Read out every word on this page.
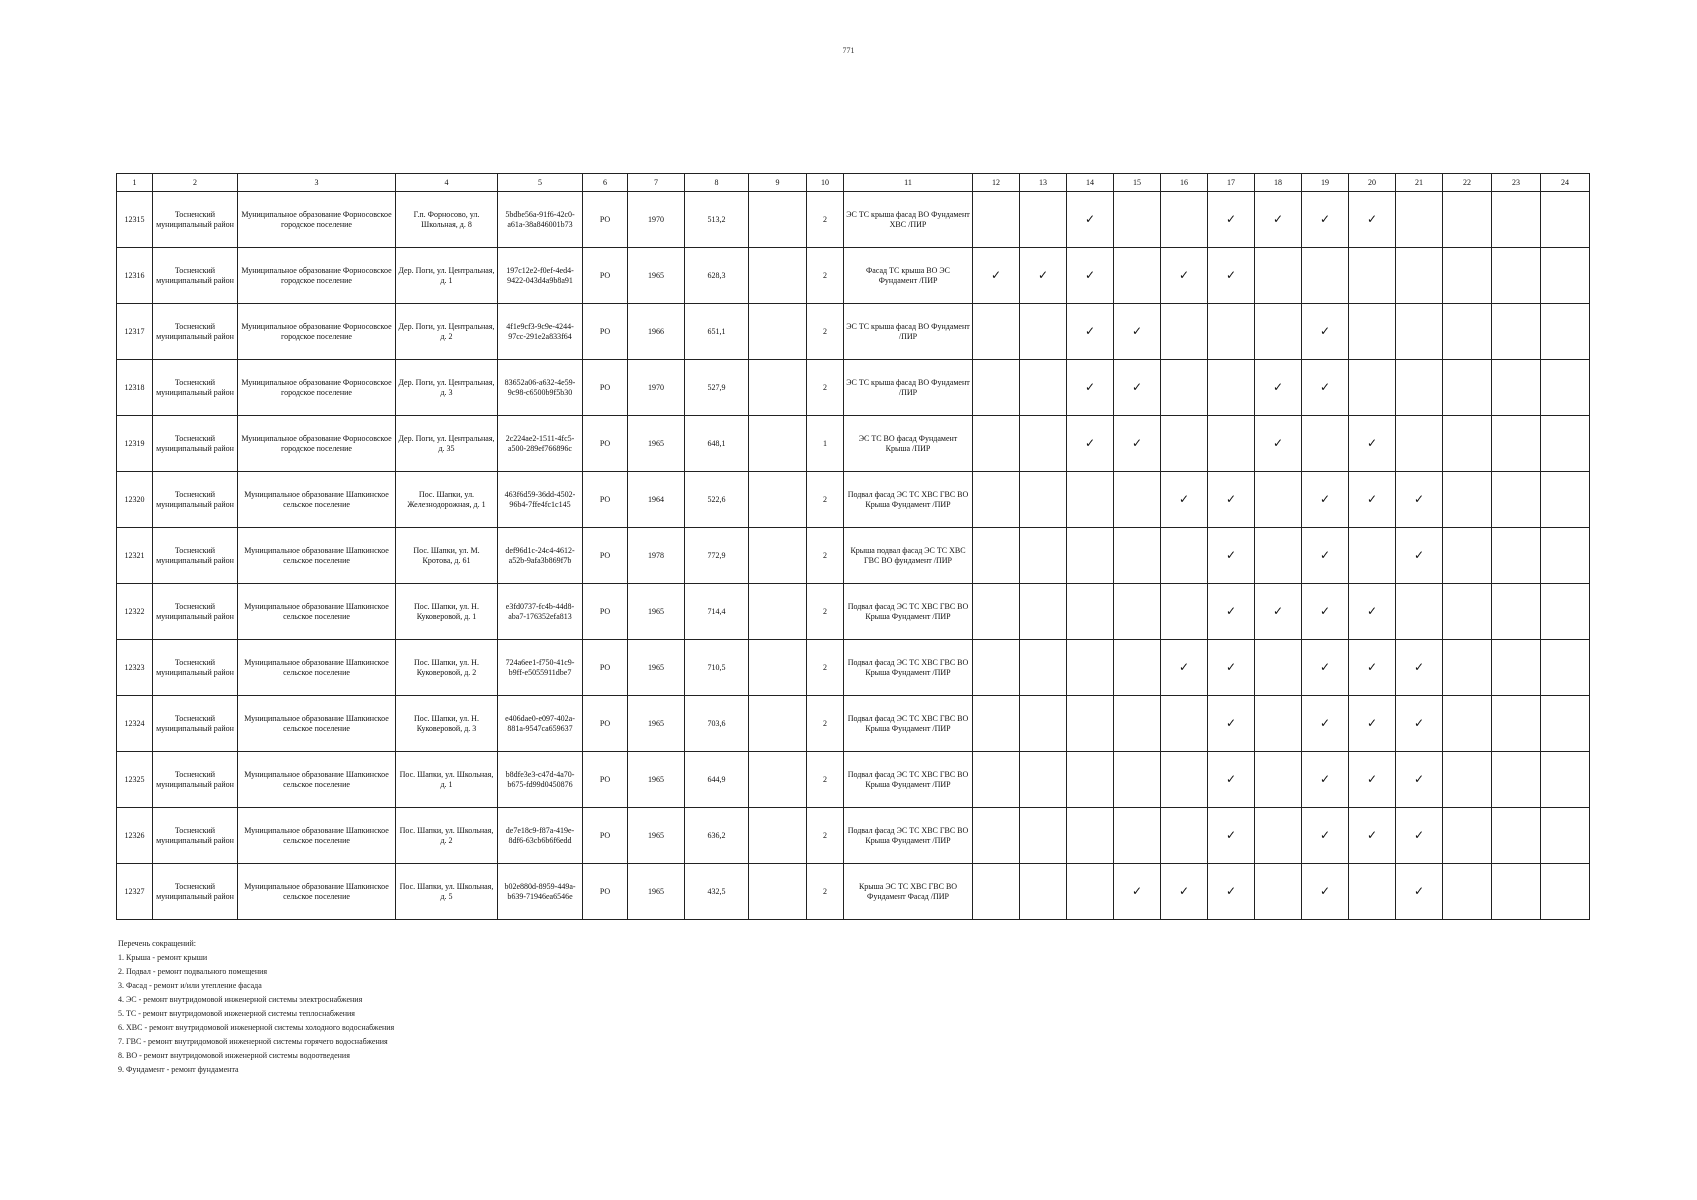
771
1	2	3	4	5	6	7	8	9	10	11	12	13	14	15	16	17	18	19	20	21	22	23	24
12315	Тосненский муниципальный район	Муниципальное образование Форносовское городское поселение	Г.п. Форносово, ул. Школьная, д. 8	5bdbe56a-91f6-42c0-a61a-38a846001b73	РО	1970	513,2		2	ЭС ТС крыша фасад ВО Фундамент ХВС /ПИР			✓			✓	✓	✓	✓				
12316	Тосненский муниципальный район	Муниципальное образование Форносовское городское поселение	Дер. Поги, ул. Центральная, д. 1	197c12e2-f0ef-4ed4-9422-043d4a9b8a91	РО	1965	628,3		2	Фасад ТС крыша ВО ЭС Фундамент /ПИР	✓	✓	✓		✓	✓							
12317	Тосненский муниципальный район	Муниципальное образование Форносовское городское поселение	Дер. Поги, ул. Центральная, д. 2	4f1e9cf3-9c9e-4244-97cc-291e2a833f64	РО	1966	651,1		2	ЭС ТС крыша фасад ВО Фундамент /ПИР			✓	✓				✓					
12318	Тосненский муниципальный район	Муниципальное образование Форносовское городское поселение	Дер. Поги, ул. Центральная, д. 3	83652a06-a632-4e59-9c98-c6500b9f5b30	РО	1970	527,9		2	ЭС ТС крыша фасад ВО Фундамент /ПИР			✓	✓			✓	✓					
12319	Тосненский муниципальный район	Муниципальное образование Форносовское городское поселение	Дер. Поги, ул. Центральная, д. 35	2c224ae2-1511-4fc5-a500-289ef766896c	РО	1965	648,1		1	ЭС ТС ВО фасад Фундамент Крыша /ПИР			✓	✓			✓		✓				
12320	Тосненский муниципальный район	Муниципальное образование Шапкинское сельское поселение	Пос. Шапки, ул. Железнодорожная, д. 1	463f6d59-36dd-4502-96b4-7ffe4fc1c145	РО	1964	522,6		2	Подвал фасад ЭС ТС ХВС ГВС ВО Крыша Фундамент /ПИР					✓	✓		✓	✓	✓			
12321	Тосненский муниципальный район	Муниципальное образование Шапкинское сельское поселение	Пос. Шапки, ул. М. Кротова, д. 61	def96d1c-24c4-4612-a52b-9afa3b869f7b	РО	1978	772,9		2	Крыша подвал фасад ЭС ТС ХВС ГВС ВО фундамент /ПИР						✓		✓		✓			
12322	Тосненский муниципальный район	Муниципальное образование Шапкинское сельское поселение	Пос. Шапки, ул. Н. Куковеровой, д. 1	e3fd0737-fc4b-44d8-aba7-176352efa813	РО	1965	714,4		2	Подвал фасад ЭС ТС ХВС ГВС ВО Крыша Фундамент /ПИР						✓	✓	✓	✓				
12323	Тосненский муниципальный район	Муниципальное образование Шапкинское сельское поселение	Пос. Шапки, ул. Н. Куковеровой, д. 2	724a6ee1-f750-41c9-b9ff-e5055911dbe7	РО	1965	710,5		2	Подвал фасад ЭС ТС ХВС ГВС ВО Крыша Фундамент /ПИР					✓	✓		✓	✓	✓			
12324	Тосненский муниципальный район	Муниципальное образование Шапкинское сельское поселение	Пос. Шапки, ул. Н. Куковеровой, д. 3	e406dae0-e097-402a-881a-9547ca659637	РО	1965	703,6		2	Подвал фасад ЭС ТС ХВС ГВС ВО Крыша Фундамент /ПИР						✓		✓	✓	✓			
12325	Тосненский муниципальный район	Муниципальное образование Шапкинское сельское поселение	Пос. Шапки, ул. Школьная, д. 1	b8dfe3e3-c47d-4a70-b675-fd99d0450876	РО	1965	644,9		2	Подвал фасад ЭС ТС ХВС ГВС ВО Крыша Фундамент /ПИР						✓		✓	✓	✓			
12326	Тосненский муниципальный район	Муниципальное образование Шапкинское сельское поселение	Пос. Шапки, ул. Школьная, д. 2	de7e18c9-f87a-419e-8df6-63cb6b6f6edd	РО	1965	636,2		2	Подвал фасад ЭС ТС ХВС ГВС ВО Крыша Фундамент /ПИР						✓		✓	✓	✓			
12327	Тосненский муниципальный район	Муниципальное образование Шапкинское сельское поселение	Пос. Шапки, ул. Школьная, д. 5	b02e880d-8959-449a-b639-71946ea6546e	РО	1965	432,5		2	Крыша ЭС ТС ХВС ГВС ВО Фундамент Фасад /ПИР				✓	✓	✓		✓		✓			
Перечень сокращений:
1. Крыша - ремонт крыши
2. Подвал - ремонт подвального помещения
3. Фасад - ремонт и/или утепление фасада
4. ЭС - ремонт внутридомовой инженерной системы электроснабжения
5. ТС - ремонт внутридомовой инженерной системы теплоснабжения
6. ХВС - ремонт внутридомовой инженерной системы холодного водоснабжения
7. ГВС - ремонт внутридомовой инженерной системы горячего водоснабжения
8. ВО - ремонт внутридомовой инженерной системы водоотведения
9. Фундамент - ремонт фундамента
